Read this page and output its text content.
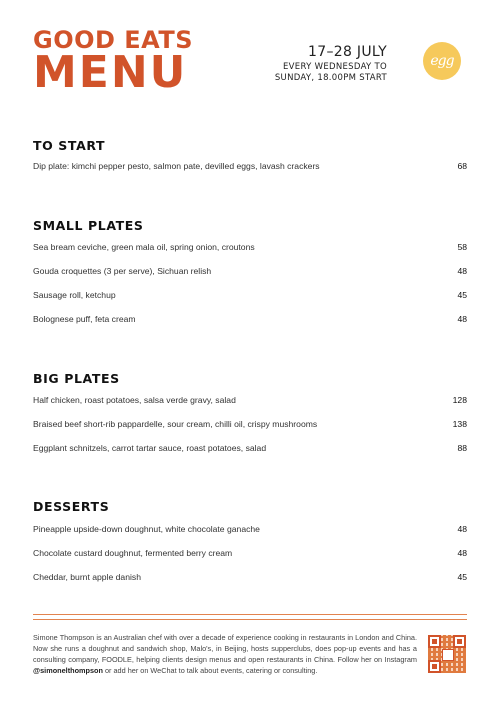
GOOD EATS
MENU	17–28 JULY
EVERY WEDNESDAY TO
SUNDAY, 18.00PM START
egg
TO START
Dip plate: kimchi pepper pesto, salmon pate, devilled eggs, lavash crackers	68
SMALL PLATES
Sea bream ceviche, green mala oil, spring onion, croutons	58
Gouda croquettes (3 per serve), Sichuan relish	48
Sausage roll, ketchup	45
Bolognese puff, feta cream	48
BIG PLATES
Half chicken, roast potatoes, salsa verde gravy, salad	128
Braised beef short-rib pappardelle, sour cream, chilli oil, crispy mushrooms	138
Eggplant schnitzels, carrot tartar sauce, roast potatoes, salad	88
DESSERTS
Pineapple upside-down doughnut, white chocolate ganache	48
Chocolate custard doughnut, fermented berry cream	48
Cheddar, burnt apple danish	45

Simone Thompson is an Australian chef with over a decade of experience cooking in restaurants in London and China. Now she runs a doughnut and sandwich shop, Malo's, in Beijing, hosts supperclubs, does pop-up events and has a consulting company, FOODLE, helping clients design menus and open restaurants in China. Follow her on Instagram @simonelthompson or add her on WeChat to talk about events, catering or consulting.
